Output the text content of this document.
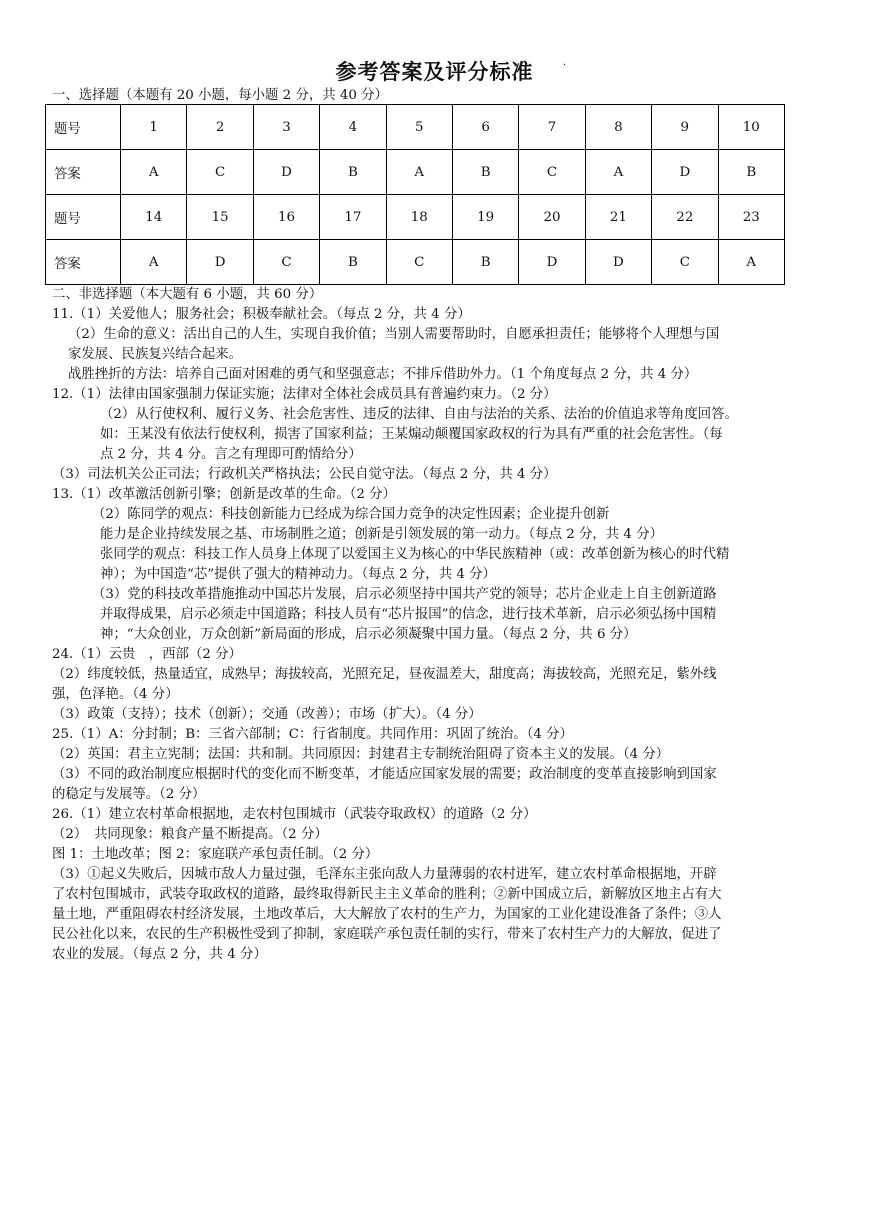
参考答案及评分标准	·
一、选择题（本题有 20 小题，每小题 2 分，共 40 分）
题号	1	2	3	4	5	6	7	8	9	10
答案	A	C	D	B	A	B	C	A	D	B
题号	14	15	16	17	18	19	20	21	22	23
答案	A	D	C	B	C	B	D	D	C	A
二、非选择题（本大题有 6 小题，共 60 分）
11.（1）关爱他人；服务社会；积极奉献社会。（每点 2 分，共 4 分）
（2）生命的意义：活出自己的人生，实现自我价值；当别人需要帮助时，自愿承担责任；能够将个人理想与国
家发展、民族复兴结合起来。
战胜挫折的方法：培养自己面对困难的勇气和坚强意志；不排斥借助外力。（1 个角度每点 2 分，共 4 分）
12.（1）法律由国家强制力保证实施；法律对全体社会成员具有普遍约束力。（2 分）
（2）从行使权利、履行义务、社会危害性、违反的法律、自由与法治的关系、法治的价值追求等角度回答。
如：王某没有依法行使权利，损害了国家利益；王某煽动颠覆国家政权的行为具有严重的社会危害性。（每
点 2 分，共 4 分。言之有理即可酌情给分）
（3）司法机关公正司法；行政机关严格执法；公民自觉守法。（每点 2 分，共 4 分）
13.（1）改革激活创新引擎；创新是改革的生命。（2 分）
（2）陈同学的观点：科技创新能力已经成为综合国力竞争的决定性因素；企业提升创新
能力是企业持续发展之基、市场制胜之道；创新是引领发展的第一动力。（每点 2 分，共 4 分）
张同学的观点：科技工作人员身上体现了以爱国主义为核心的中华民族精神（或：改革创新为核心的时代精
神）；为中国造“芯”提供了强大的精神动力。（每点 2 分，共 4 分）
（3）党的科技改革措施推动中国芯片发展，启示必须坚持中国共产党的领导；芯片企业走上自主创新道路
并取得成果，启示必须走中国道路；科技人员有“芯片报国”的信念，进行技术革新，启示必须弘扬中国精
神；“大众创业，万众创新”新局面的形成，启示必须凝聚中国力量。（每点 2 分，共 6 分）
24.（1）云贵　，西部（2 分）
（2）纬度较低，热量适宜，成熟早；海拔较高，光照充足，昼夜温差大，甜度高；海拔较高，光照充足，紫外线
强，色泽艳。（4 分）
（3）政策（支持）；技术（创新）；交通（改善）；市场（扩大）。（4 分）
25.（1）A：分封制；B：三省六部制；C：行省制度。共同作用：巩固了统治。（4 分）
（2）英国：君主立宪制；法国：共和制。共同原因：封建君主专制统治阻碍了资本主义的发展。（4 分）
（3）不同的政治制度应根据时代的变化而不断变革，才能适应国家发展的需要；政治制度的变革直接影响到国家
的稳定与发展等。（2 分）
26.（1）建立农村革命根据地，走农村包围城市（武装夺取政权）的道路（2 分）
（2）　共同现象：粮食产量不断提高。（2 分）
图 1：土地改革；图 2：家庭联产承包责任制。（2 分）
（3）①起义失败后，因城市敌人力量过强，毛泽东主张向敌人力量薄弱的农村进军，建立农村革命根据地，开辟
了农村包围城市，武装夺取政权的道路，最终取得新民主主义革命的胜利；②新中国成立后，新解放区地主占有大
量土地，严重阻碍农村经济发展，土地改革后，大大解放了农村的生产力，为国家的工业化建设准备了条件；③人
民公社化以来，农民的生产积极性受到了抑制，家庭联产承包责任制的实行，带来了农村生产力的大解放，促进了
农业的发展。（每点 2 分，共 4 分）
